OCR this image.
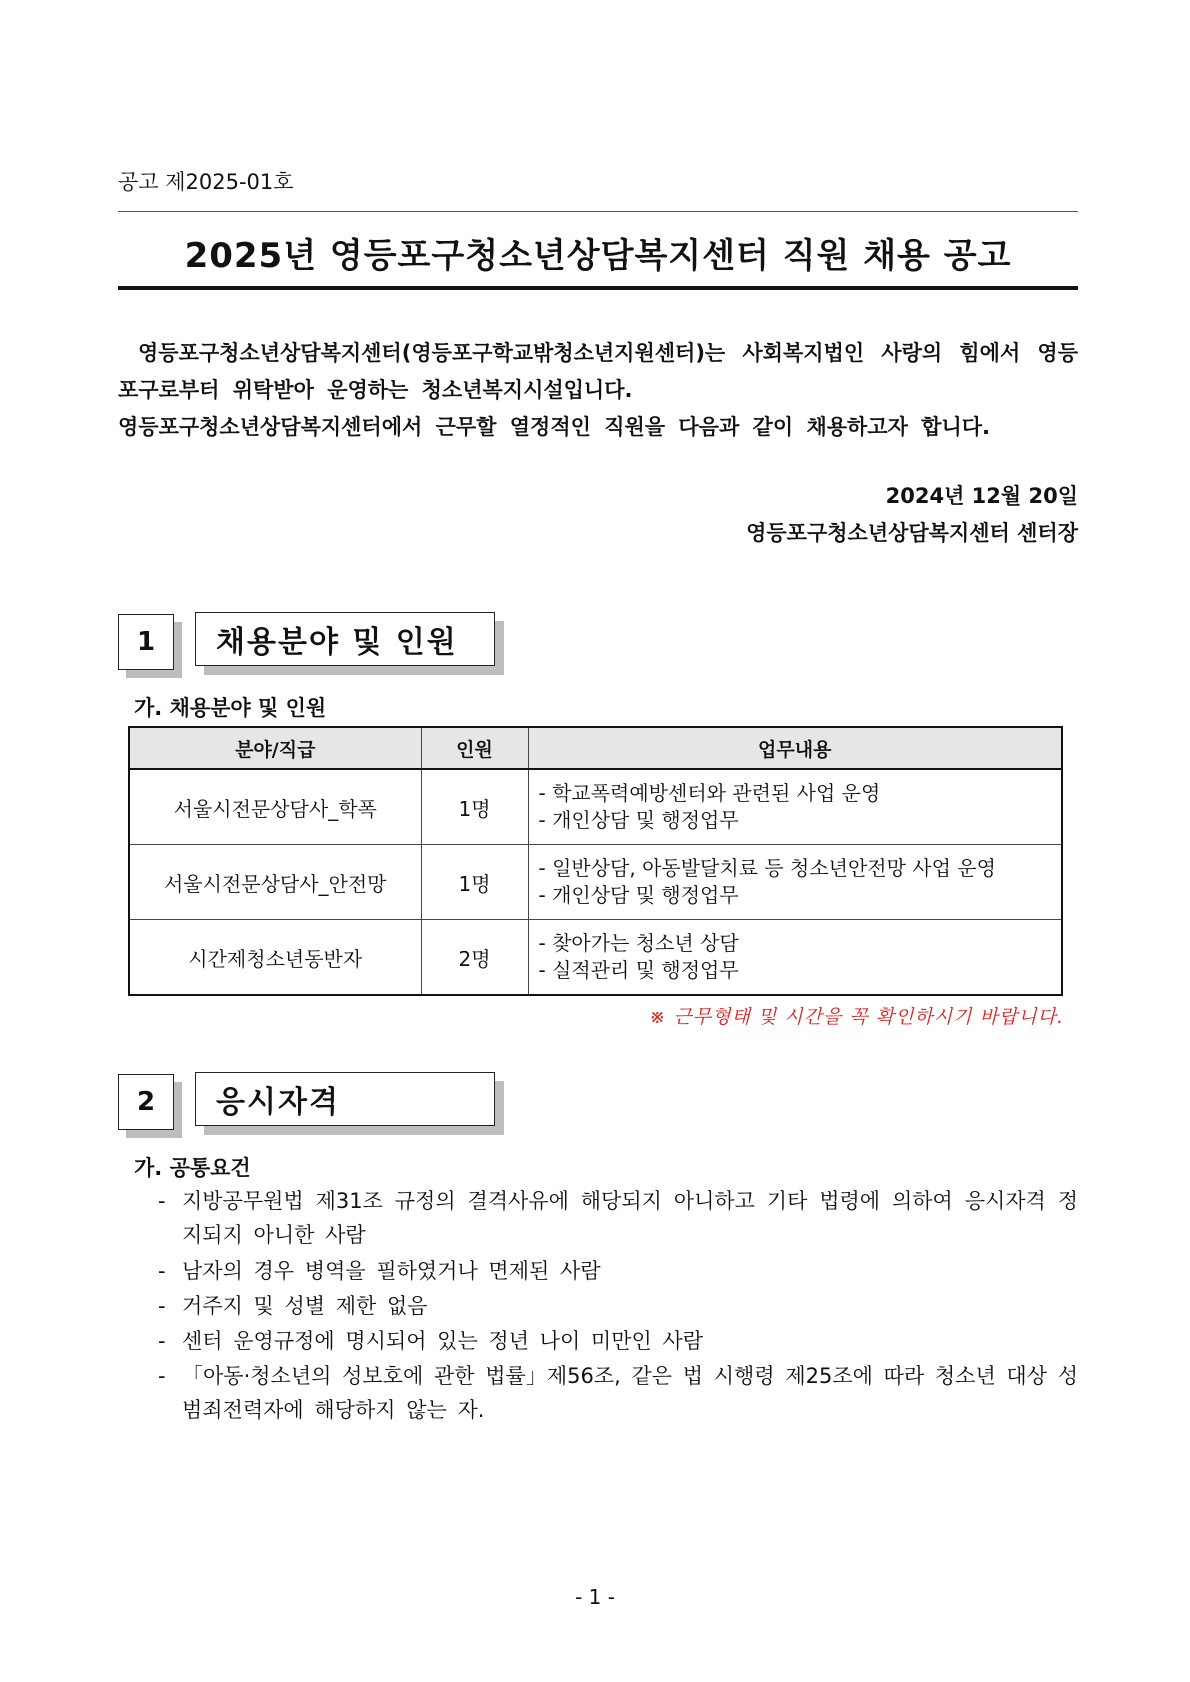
공고 제2025-01호
2025년 영등포구청소년상담복지센터 직원 채용 공고

영등포구청소년상담복지센터(영등포구학교밖청소년지원센터)는 사회복지법인 사랑의 힘에서 영등포구로부터 위탁받아 운영하는 청소년복지시설입니다.

영등포구청소년상담복지센터에서 근무할 열정적인 직원을 다음과 같이 채용하고자 합니다.

2024년 12월 20일
영등포구청소년상담복지센터 센터장
1	채용분야 및 인원
가. 채용분야 및 인원
분야/직급	인원	업무내용
서울시전문상담사_학폭	1명	- 학교폭력예방센터와 관련된 사업 운영
- 개인상담 및 행정업무

서울시전문상담사_안전망	1명	- 일반상담, 아동발달치료 등 청소년안전망 사업 운영
- 개인상담 및 행정업무

시간제청소년동반자	2명	- 찾아가는 청소년 상담
- 실적관리 및 행정업무
※ 근무형태 및 시간을 꼭 확인하시기 바랍니다.
2	응시자격
가. 공통요건
- 지방공무원법 제31조 규정의 결격사유에 해당되지 아니하고 기타 법령에 의하여 응시자격 정지되지 아니한 사람
- 남자의 경우 병역을 필하였거나 면제된 사람
- 거주지 및 성별 제한 없음
- 센터 운영규정에 명시되어 있는 정년 나이 미만인 사람
- 「아동·청소년의 성보호에 관한 법률」제56조, 같은 법 시행령 제25조에 따라 청소년 대상 성범죄전력자에 해당하지 않는 자.
- 1 -
